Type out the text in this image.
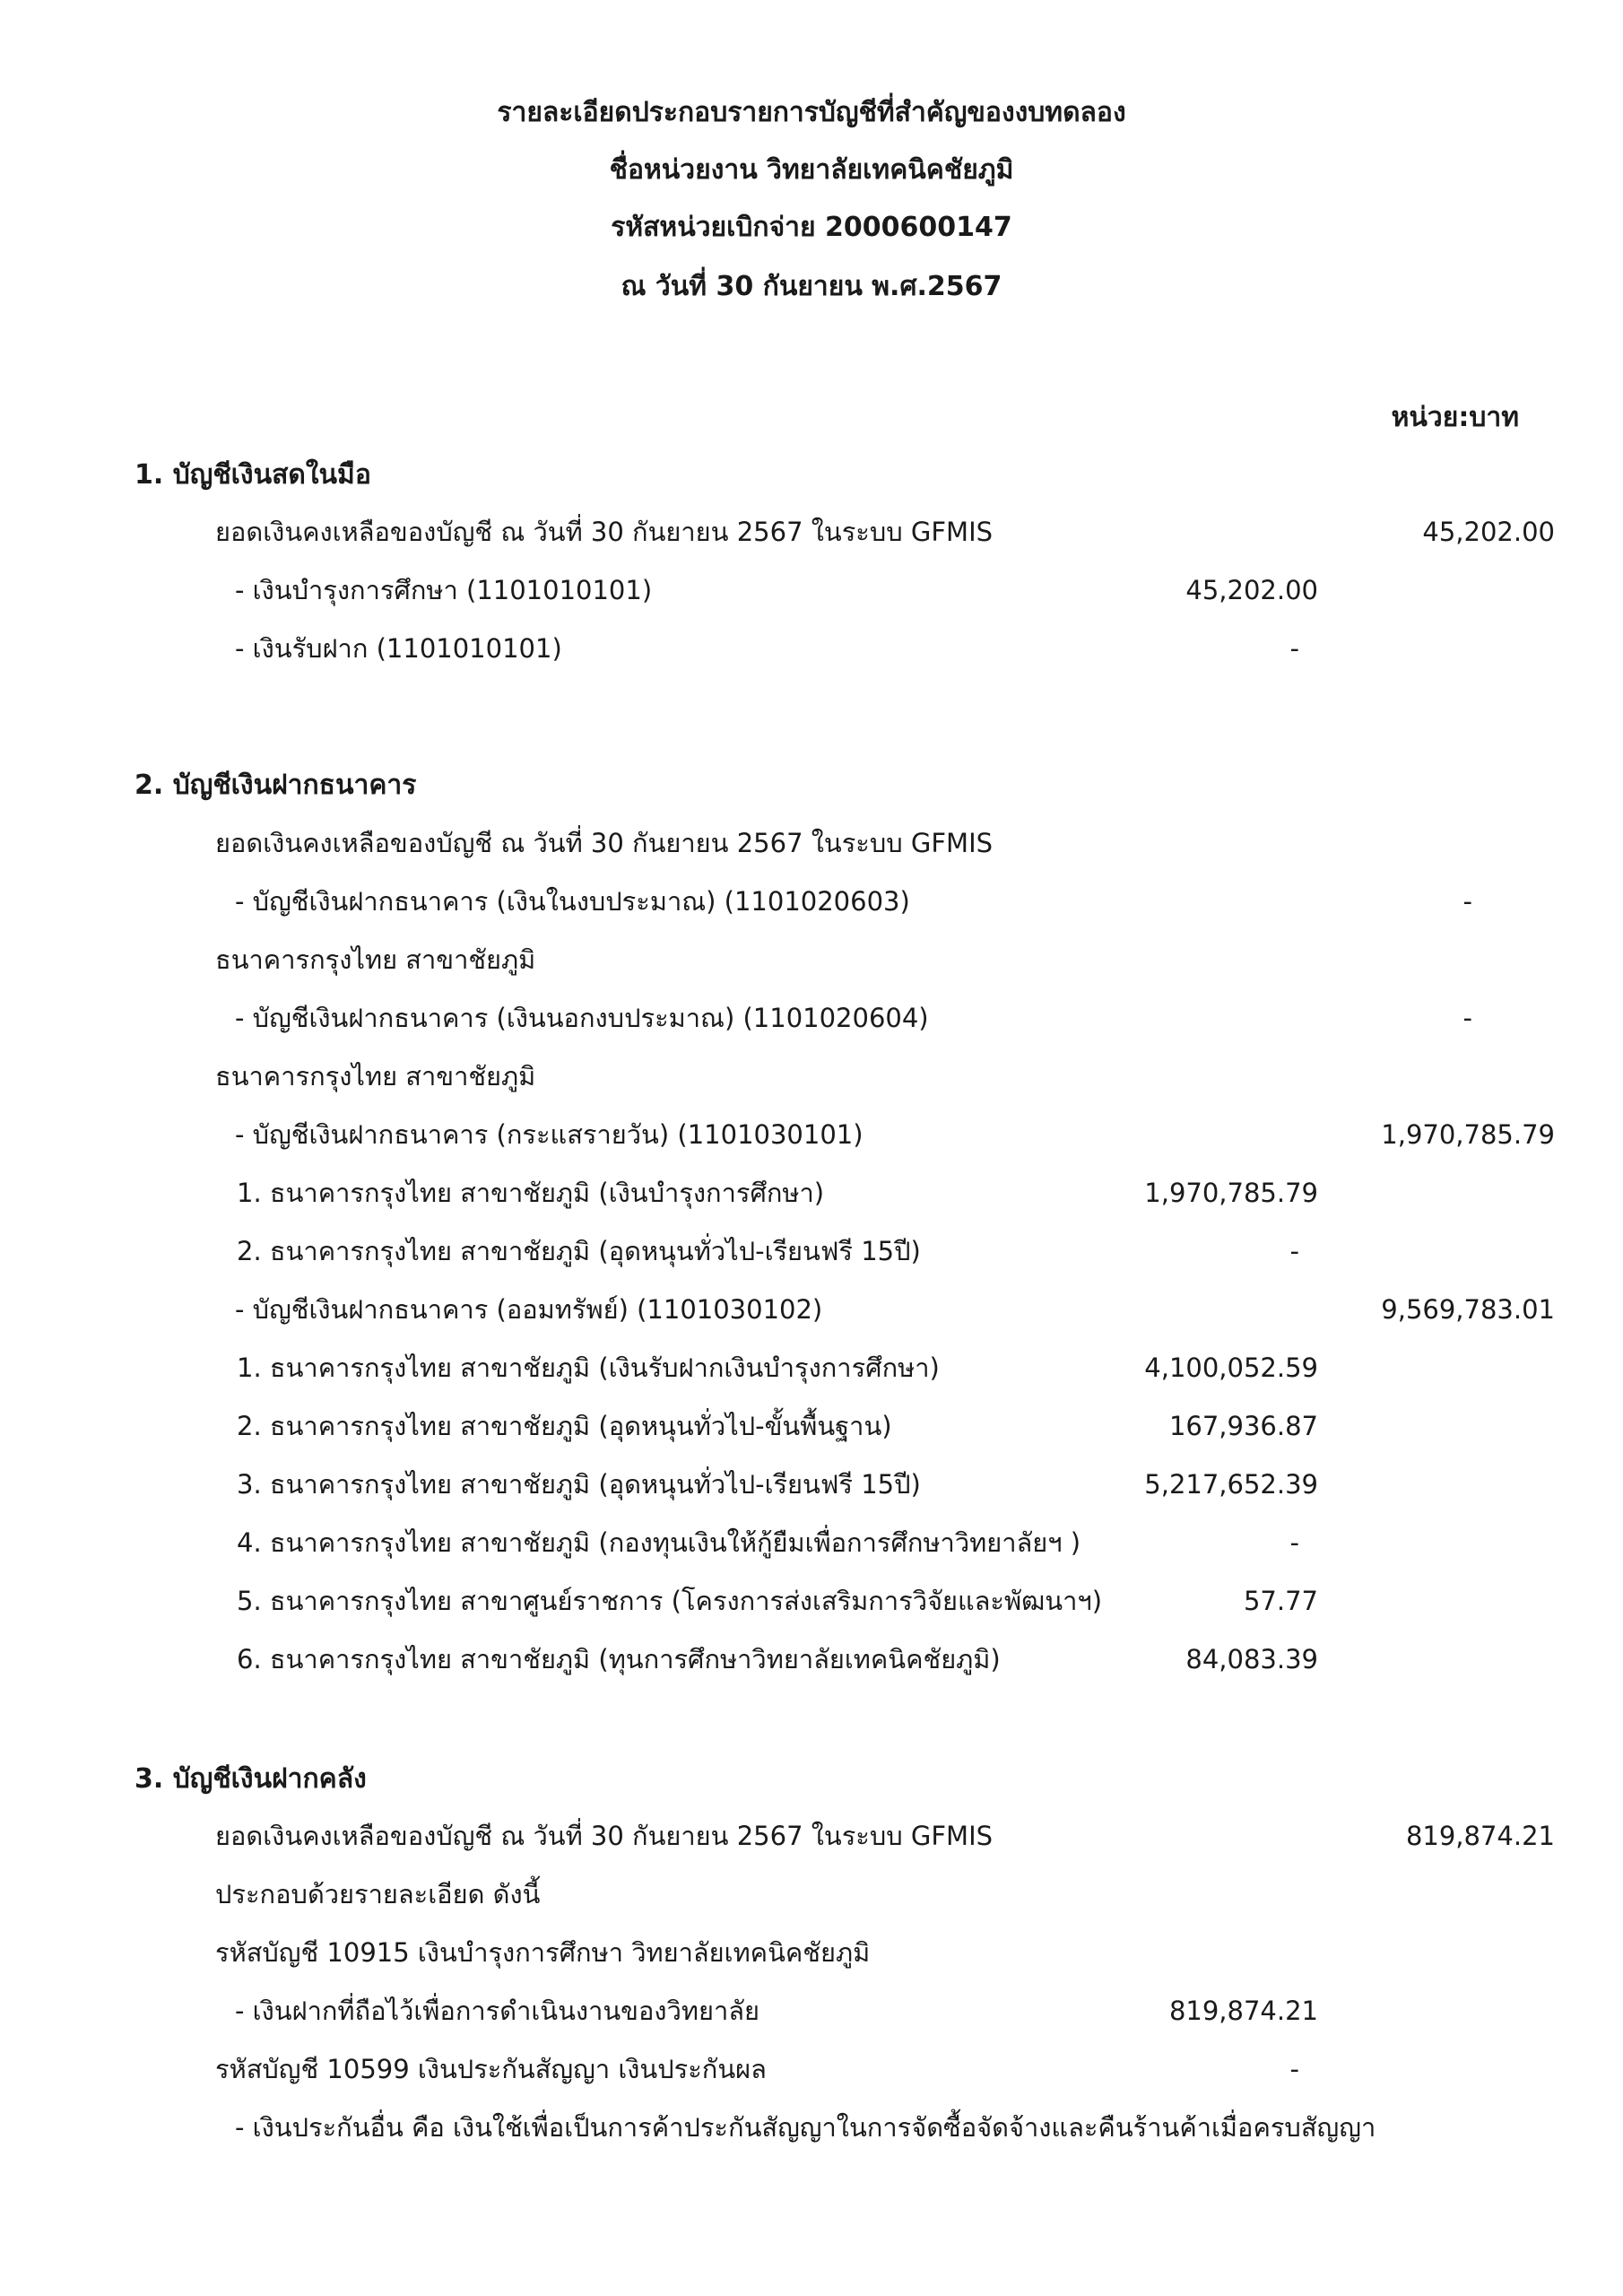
รายละเอียดประกอบรายการบัญชีที่สำคัญของงบทดลอง
ชื่อหน่วยงาน วิทยาลัยเทคนิคชัยภูมิ
รหัสหน่วยเบิกจ่าย 2000600147
ณ วันที่ 30 กันยายน พ.ศ.2567
หน่วย:บาท
1. บัญชีเงินสดในมือ
ยอดเงินคงเหลือของบัญชี ณ วันที่ 30 กันยายน 2567 ในระบบ GFMIS	45,202.00
- เงินบำรุงการศึกษา (1101010101)	45,202.00
- เงินรับฝาก (1101010101)	-
2. บัญชีเงินฝากธนาคาร
ยอดเงินคงเหลือของบัญชี ณ วันที่ 30 กันยายน 2567 ในระบบ GFMIS
- บัญชีเงินฝากธนาคาร (เงินในงบประมาณ) (1101020603)	-
ธนาคารกรุงไทย สาขาชัยภูมิ
- บัญชีเงินฝากธนาคาร (เงินนอกงบประมาณ) (1101020604)	-
ธนาคารกรุงไทย สาขาชัยภูมิ
- บัญชีเงินฝากธนาคาร (กระแสรายวัน) (1101030101)	1,970,785.79
1. ธนาคารกรุงไทย สาขาชัยภูมิ (เงินบำรุงการศึกษา)	1,970,785.79
2. ธนาคารกรุงไทย สาขาชัยภูมิ (อุดหนุนทั่วไป-เรียนฟรี 15ปี)	-
- บัญชีเงินฝากธนาคาร (ออมทรัพย์) (1101030102)	9,569,783.01
1. ธนาคารกรุงไทย สาขาชัยภูมิ (เงินรับฝากเงินบำรุงการศึกษา)	4,100,052.59
2. ธนาคารกรุงไทย สาขาชัยภูมิ (อุดหนุนทั่วไป-ขั้นพื้นฐาน)	167,936.87
3. ธนาคารกรุงไทย สาขาชัยภูมิ (อุดหนุนทั่วไป-เรียนฟรี 15ปี)	5,217,652.39
4. ธนาคารกรุงไทย สาขาชัยภูมิ (กองทุนเงินให้กู้ยืมเพื่อการศึกษาวิทยาลัยฯ )	-
5. ธนาคารกรุงไทย สาขาศูนย์ราชการ (โครงการส่งเสริมการวิจัยและพัฒนาฯ)	57.77
6. ธนาคารกรุงไทย สาขาชัยภูมิ (ทุนการศึกษาวิทยาลัยเทคนิคชัยภูมิ)	84,083.39
3. บัญชีเงินฝากคลัง
ยอดเงินคงเหลือของบัญชี ณ วันที่ 30 กันยายน 2567 ในระบบ GFMIS	819,874.21
ประกอบด้วยรายละเอียด ดังนี้
รหัสบัญชี 10915 เงินบำรุงการศึกษา วิทยาลัยเทคนิคชัยภูมิ
- เงินฝากที่ถือไว้เพื่อการดำเนินงานของวิทยาลัย	819,874.21
รหัสบัญชี 10599 เงินประกันสัญญา เงินประกันผล	-
- เงินประกันอื่น คือ เงินใช้เพื่อเป็นการค้าประกันสัญญาในการจัดซื้อจัดจ้างและคืนร้านค้าเมื่อครบสัญญา
